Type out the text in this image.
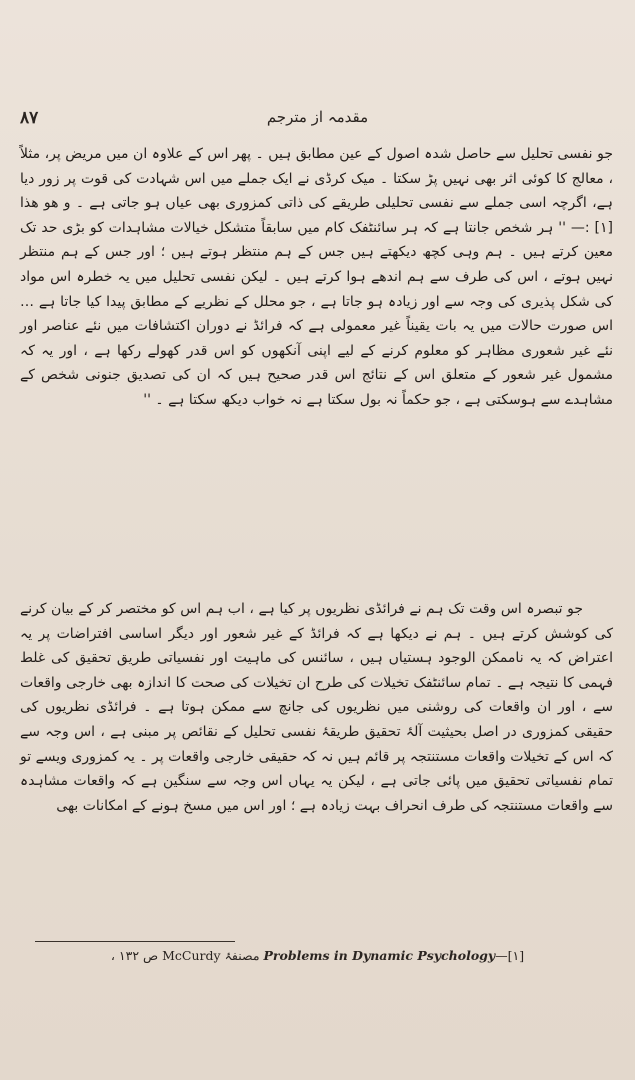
۸۷	مقدمہ از مترجم

جو نفسی تحلیل سے حاصل شدہ اصول کے عین مطابق ہیں ۔ پھر اس کے علاوہ ان میں مریض پر، مثلاً ، معالج کا کوئی اثر بھی نہیں پڑ سکتا ۔ میک کرڈی نے ایک جملے میں اس شہادت کی قوت پر زور دیا ہے، اگرچہ اسی جملے سے نفسی تحلیلی طریقے کی ذاتی کمزوری بھی عیاں ہو جاتی ہے ۔ و ھو ھذا [۱] :— '' ہر شخص جانتا ہے کہ ہر سائنٹفک کام میں سابقاً متشکل خیالات مشاہدات کو بڑی حد تک معین کرتے ہیں ۔ ہم وہی کچھ دیکھتے ہیں جس کے ہم منتظر ہوتے ہیں ؛ اور جس کے ہم منتظر نہیں ہوتے ، اس کی طرف سے ہم اندھے ہوا کرتے ہیں ۔ لیکن نفسی تحلیل میں یہ خطرہ اس مواد کی شکل پذیری کی وجہ سے اور زیادہ ہو جاتا ہے ، جو محلل کے نظریے کے مطابق پیدا کیا جاتا ہے … اس صورت حالات میں یہ بات یقیناً غیر معمولی ہے کہ فرائڈ نے دوران اکتشافات میں نئے عناصر اور نئے غیر شعوری مظاہر کو معلوم کرنے کے لیے اپنی آنکھوں کو اس قدر کھولے رکھا ہے ، اور یہ کہ مشمول غیر شعور کے متعلق اس کے نتائج اس قدر صحیح ہیں کہ ان کی تصدیق جنونی شخص کے مشاہدے سے ہوسکتی ہے ، جو حکماً نہ بول سکتا ہے نہ خواب دیکھ سکتا ہے ۔ ''

جو تبصرہ اس وقت تک ہم نے فرائڈی نظریوں پر کیا ہے ، اب ہم اس کو مختصر کر کے بیان کرنے کی کوشش کرتے ہیں ۔ ہم نے دیکھا ہے کہ فرائڈ کے غیر شعور اور دیگر اساسی افتراضات پر یہ اعتراض کہ یہ ناممکن الوجود ہستیاں ہیں ، سائنس کی ماہیت اور نفسیاتی طریق تحقیق کی غلط فہمی کا نتیجہ ہے ۔ تمام سائنٹفک تخیلات کی طرح ان تخیلات کی صحت کا اندازہ بھی خارجی واقعات سے ، اور ان واقعات کی روشنی میں نظریوں کی جانچ سے ممکن ہوتا ہے ۔ فرائڈی نظریوں کی حقیقی کمزوری در اصل بحیثیت آلۂ تحقیق طریقۂ نفسی تحلیل کے نقائص پر مبنی ہے ، اس وجہ سے کہ اس کے تخیلات واقعات مستنتجہ پر قائم ہیں نہ کہ حقیقی خارجی واقعات پر ۔ یہ کمزوری ویسے تو تمام نفسیاتی تحقیق میں پائی جاتی ہے ، لیکن یہ یہاں اس وجہ سے سنگین ہے کہ واقعات مشاہدہ سے واقعات مستنتجہ کی طرف انحراف بہت زیادہ ہے ؛ اور اس میں مسخ ہونے کے امکانات بھی

ص ۱۳۲ ، McCurdy مصنفۂ Problems in Dynamic Psychology—[۱]
